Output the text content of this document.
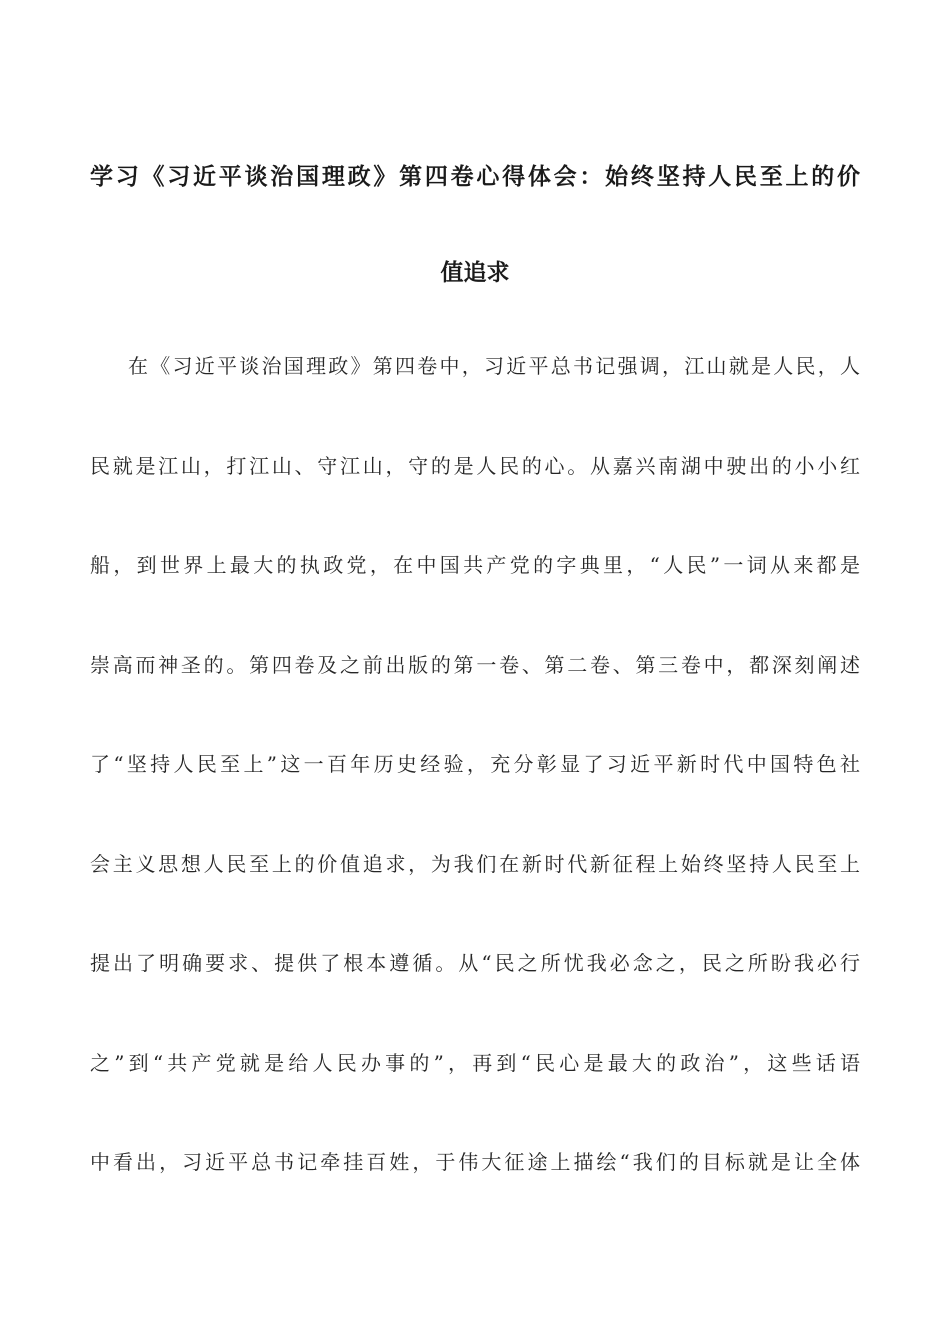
学习《习近平谈治国理政》第四卷心得体会：始终坚持人民至上的价
值追求
在《习近平谈治国理政》第四卷中，习近平总书记强调，江山就是人民，人
民就是江山，打江山、守江山，守的是人民的心。从嘉兴南湖中驶出的小小红
船，到世界上最大的执政党，在中国共产党的字典里，“人民”一词从来都是
崇高而神圣的。第四卷及之前出版的第一卷、第二卷、第三卷中，都深刻阐述
了“坚持人民至上”这一百年历史经验，充分彰显了习近平新时代中国特色社
会主义思想人民至上的价值追求，为我们在新时代新征程上始终坚持人民至上
提出了明确要求、提供了根本遵循。从“民之所忧我必念之，民之所盼我必行
之”到“共产党就是给人民办事的”，再到“民心是最大的政治”，这些话语
中看出，习近平总书记牵挂百姓，于伟大征途上描绘“我们的目标就是让全体
